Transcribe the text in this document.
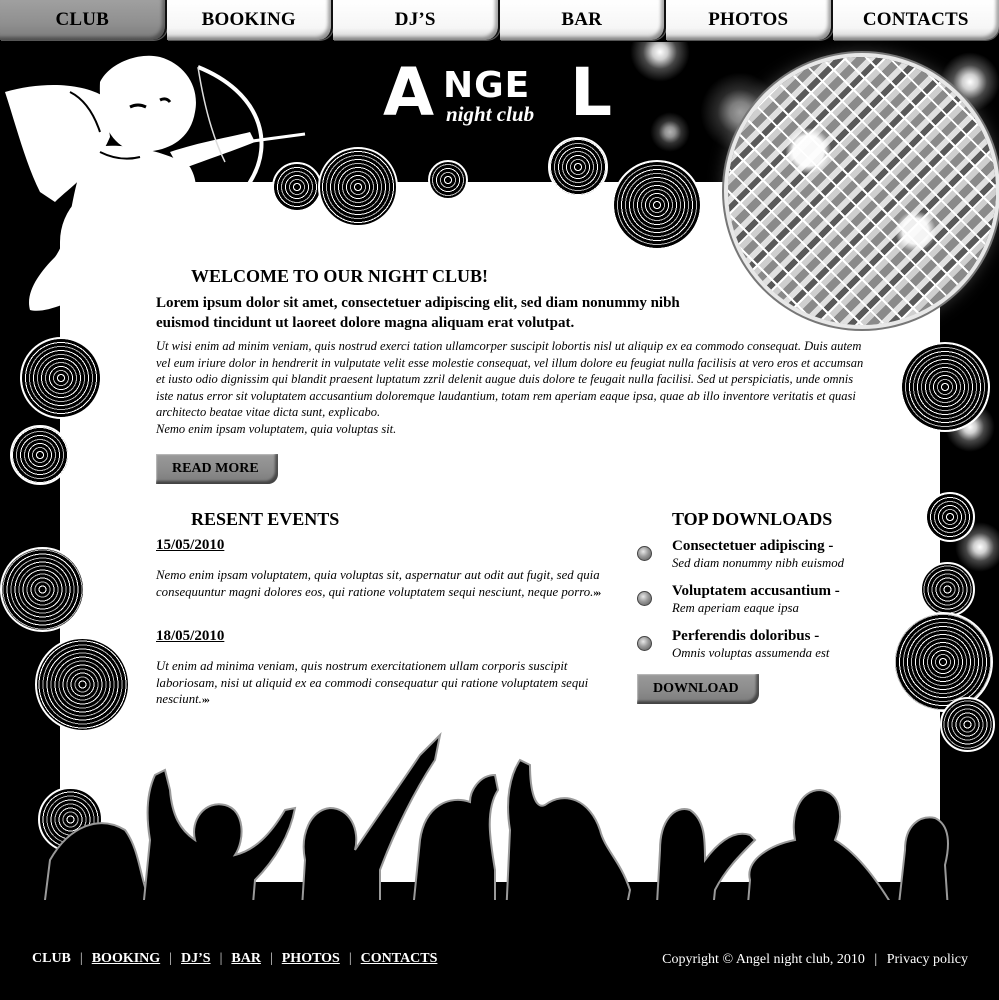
CLUB	BOOKING	DJ’S	BAR	PHOTOS	CONTACTS
A NGE L
night club
WELCOME TO OUR NIGHT CLUB!

Lorem ipsum dolor sit amet, consectetuer adipiscing elit, sed diam nonummy nibh euismod tincidunt ut laoreet dolore magna aliquam erat volutpat.

Ut wisi enim ad minim veniam, quis nostrud exerci tation ullamcorper suscipit lobortis nisl ut aliquip ex ea commodo consequat. Duis autem vel eum iriure dolor in hendrerit in vulputate velit esse molestie consequat, vel illum dolore eu feugiat nulla facilisis at vero eros et accumsan et iusto odio dignissim qui blandit praesent luptatum zzril delenit augue duis dolore te feugait nulla facilisi. Sed ut perspiciatis, unde omnis iste natus error sit voluptatem accusantium doloremque laudantium, totam rem aperiam eaque ipsa, quae ab illo inventore veritatis et quasi architecto beatae vitae dicta sunt, explicabo.
Nemo enim ipsam voluptatem, quia voluptas sit.
READ MORE
RESENT EVENTS
15/05/2010

Nemo enim ipsam voluptatem, quia voluptas sit, aspernatur aut odit aut fugit, sed quia consequuntur magni dolores eos, qui ratione voluptatem sequi nesciunt, neque porro.»»

18/05/2010

Ut enim ad minima veniam, quis nostrum exercitationem ullam corporis suscipit laboriosam, nisi ut aliquid ex ea commodi consequatur qui ratione voluptatem sequi nesciunt.»»

TOP DOWNLOADS
Consectetuer adipiscing -
Sed diam nonummy nibh euismod
Voluptatem accusantium -
Rem aperiam eaque ipsa
Perferendis doloribus -
Omnis voluptas assumenda est
DOWNLOAD
CLUB | BOOKING | DJ’S | BAR | PHOTOS | CONTACTS	Copyright © Angel night club, 2010 | Privacy policy
